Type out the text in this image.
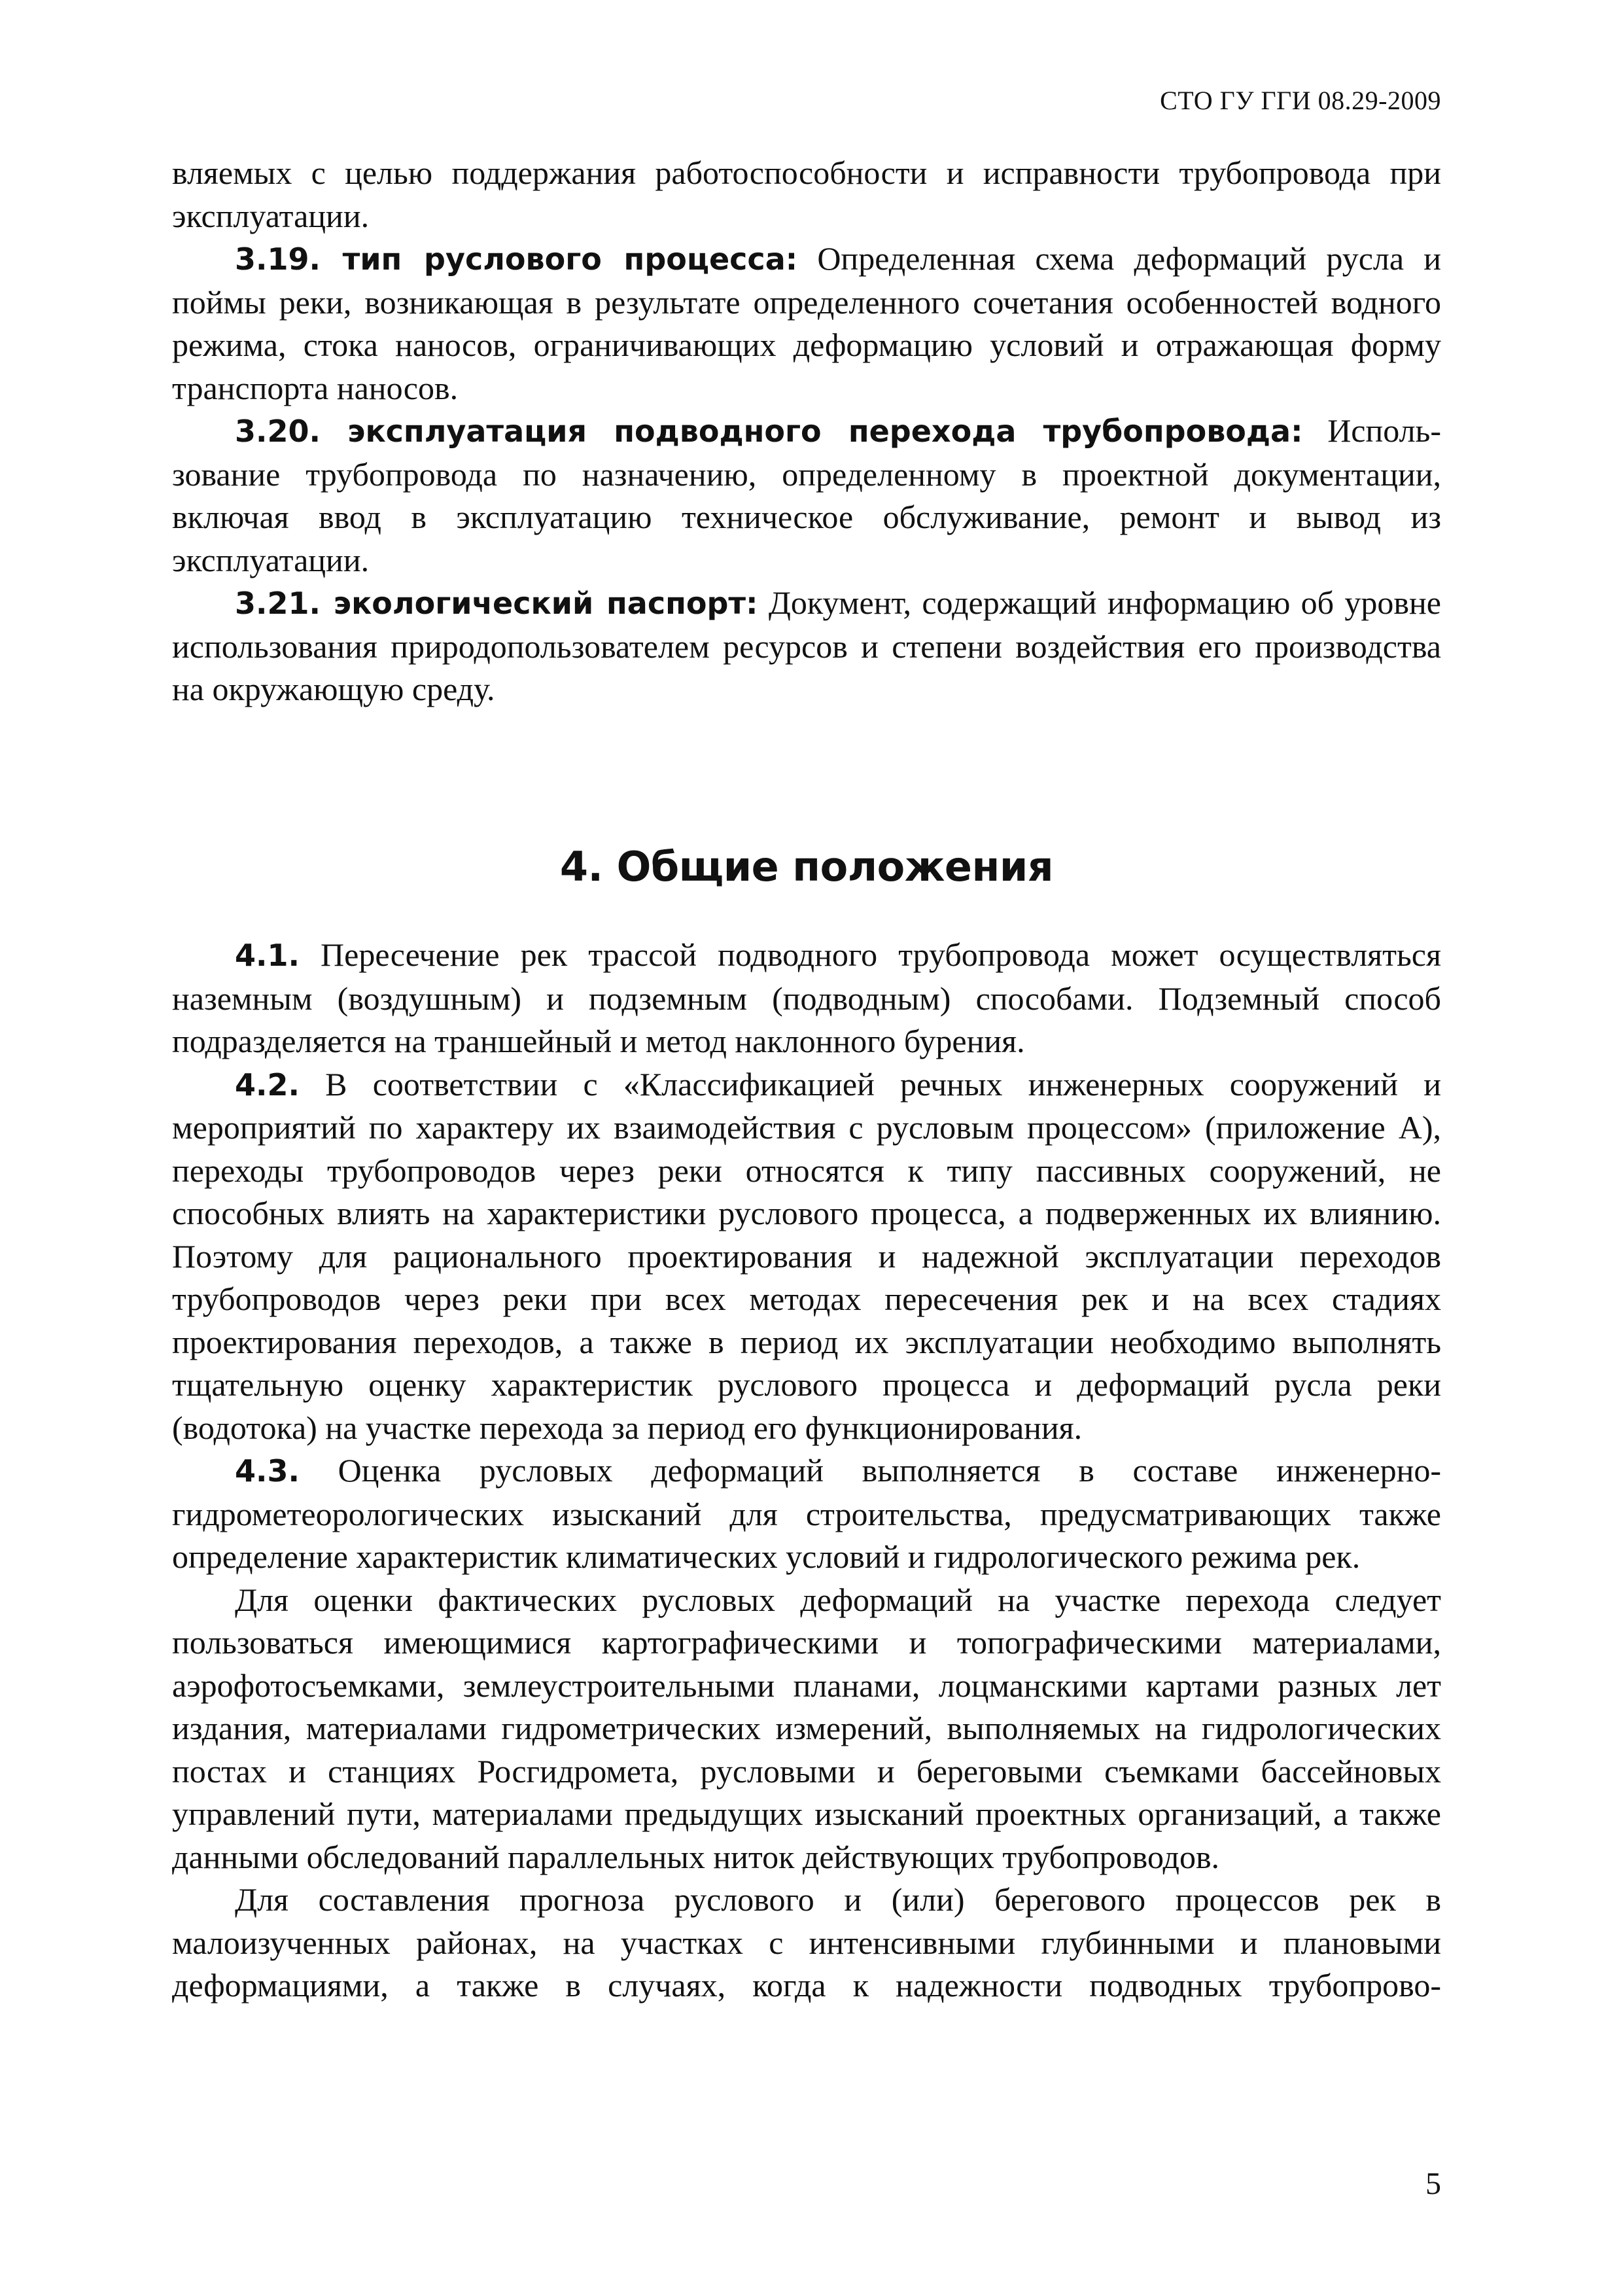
СТО ГУ ГГИ 08.29-2009

вляемых с целью поддержания работоспособности и исправности трубопровода при эксплуатации.

3.19. тип руслового процесса: Определенная схема деформаций русла и поймы реки, возникающая в результате определенного сочетания особенностей водного режима, стока наносов, ограничивающих деформацию условий и отражающая форму транспорта наносов.

3.20. эксплуатация подводного перехода трубопровода: Использование трубопровода по назначению, определенному в проектной документации, включая ввод в эксплуатацию техническое обслуживание, ремонт и вывод из эксплуатации.

3.21. экологический паспорт: Документ, содержащий информацию об уровне использования природопользователем ресурсов и степени воздействия его производства на окружающую среду.

4. Общие положения

4.1. Пересечение рек трассой подводного трубопровода может осуществляться наземным (воздушным) и подземным (подводным) способами. Подземный способ подразделяется на траншейный и метод наклонного бурения.

4.2. В соответствии с «Классификацией речных инженерных сооружений и мероприятий по характеру их взаимодействия с русловым процессом» (приложение А), переходы трубопроводов через реки относятся к типу пассивных сооружений, не способных влиять на характеристики руслового процесса, а подверженных их влиянию. Поэтому для рационального проектирования и надежной эксплуатации переходов трубопроводов через реки при всех методах пересечения рек и на всех стадиях проектирования переходов, а также в период их эксплуатации необходимо выполнять тщательную оценку характеристик руслового процесса и деформаций русла реки (водотока) на участке перехода за период его функционирования.

4.3. Оценка русловых деформаций выполняется в составе инженерно-гидрометеорологических изысканий для строительства, предусматривающих также определение характеристик климатических условий и гидрологического режима рек.

Для оценки фактических русловых деформаций на участке перехода следует пользоваться имеющимися картографическими и топографическими материалами, аэрофотосъемками, землеустроительными планами, лоцманскими картами разных лет издания, материалами гидрометрических измерений, выполняемых на гидрологических постах и станциях Росгидромета, русловыми и береговыми съемками бассейновых управлений пути, материалами предыдущих изысканий проектных организаций, а также данными обследований параллельных ниток действующих трубопроводов.

Для составления прогноза руслового и (или) берегового процессов рек в малоизученных районах, на участках с интенсивными глубинными и плановыми деформациями, а также в случаях, когда к надежности подводных трубопрово-

5
